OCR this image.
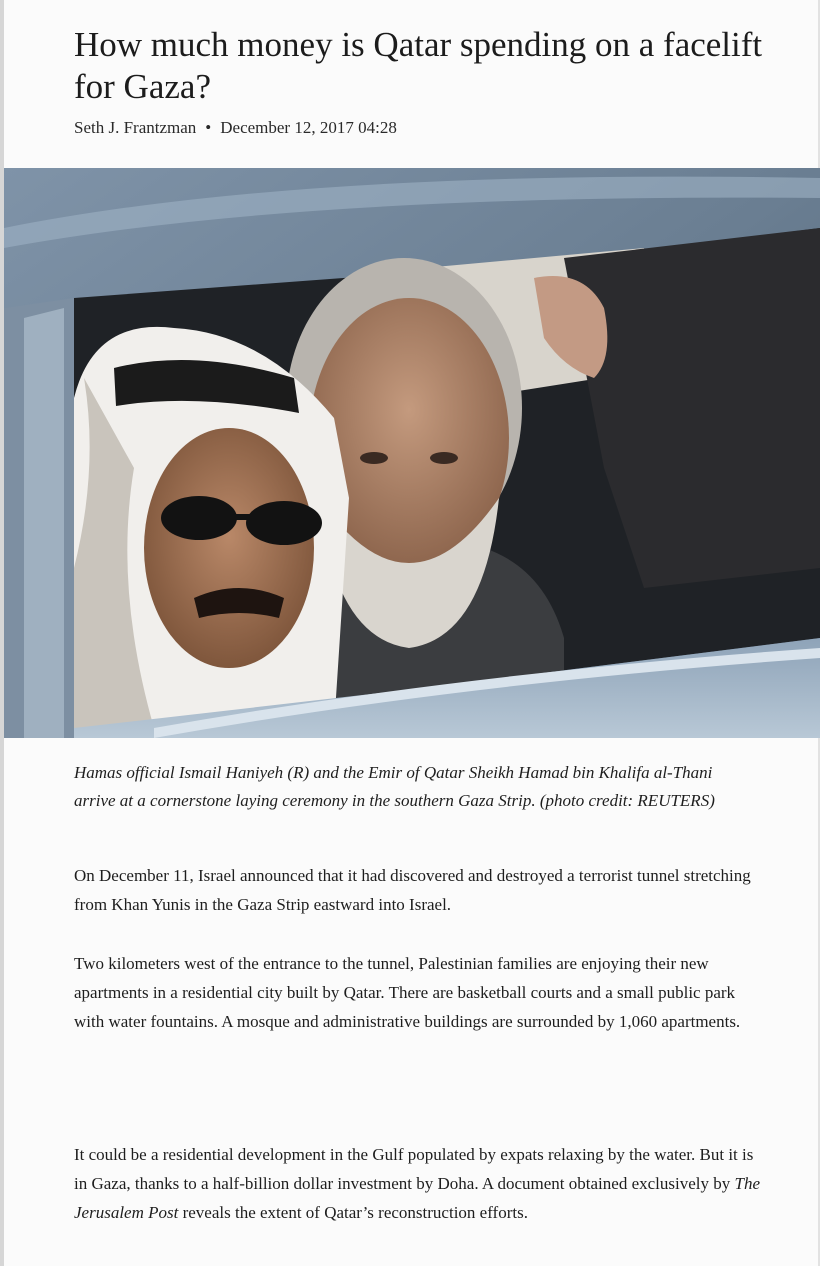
How much money is Qatar spending on a facelift for Gaza?
Seth J. Frantzman • December 12, 2017 04:28

Hamas official Ismail Haniyeh (R) and the Emir of Qatar Sheikh Hamad bin Khalifa al-Thani arrive at a cornerstone laying ceremony in the southern Gaza Strip. (photo credit: REUTERS)

On December 11, Israel announced that it had discovered and destroyed a terrorist tunnel stretching from Khan Yunis in the Gaza Strip eastward into Israel.

Two kilometers west of the entrance to the tunnel, Palestinian families are enjoying their new apartments in a residential city built by Qatar. There are basketball courts and a small public park with water fountains. A mosque and administrative buildings are surrounded by 1,060 apartments.

It could be a residential development in the Gulf populated by expats relaxing by the water. But it is in Gaza, thanks to a half-billion dollar investment by Doha. A document obtained exclusively by The Jerusalem Post reveals the extent of Qatar’s reconstruction efforts.
